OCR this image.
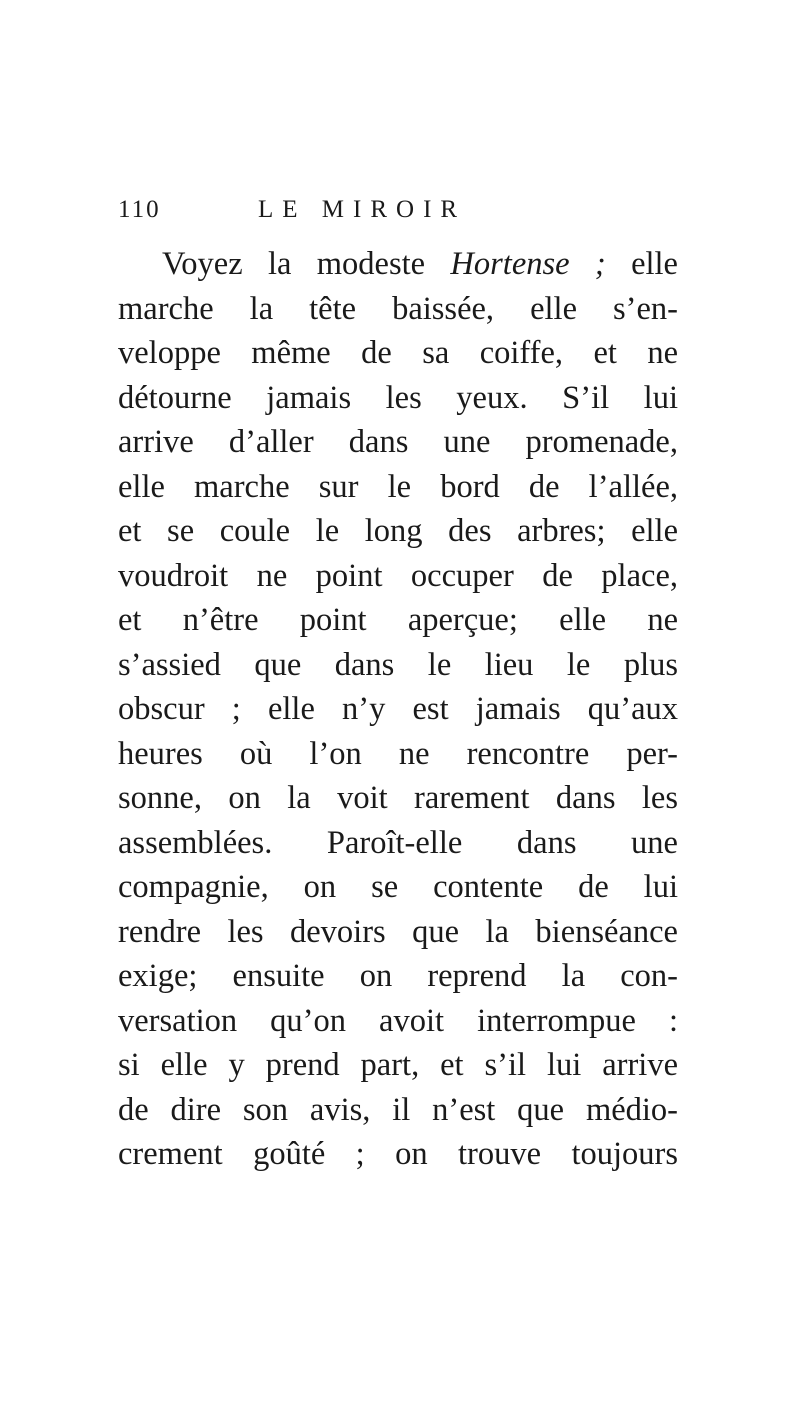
110	LE MIROIR
Voyez la modeste Hortense ; elle
marche la tête baissée, elle s’en-
veloppe même de sa coiffe, et ne
détourne jamais les yeux. S’il lui
arrive d’aller dans une promenade,
elle marche sur le bord de l’allée,
et se coule le long des arbres; elle
voudroit ne point occuper de place,
et n’être point aperçue; elle ne
s’assied que dans le lieu le plus
obscur ; elle n’y est jamais qu’aux
heures où l’on ne rencontre per-
sonne, on la voit rarement dans les
assemblées. Paroît-elle dans une
compagnie, on se contente de lui
rendre les devoirs que la bienséance
exige; ensuite on reprend la con-
versation qu’on avoit interrompue :
si elle y prend part, et s’il lui arrive
de dire son avis, il n’est que médio-
crement goûté ; on trouve toujours
